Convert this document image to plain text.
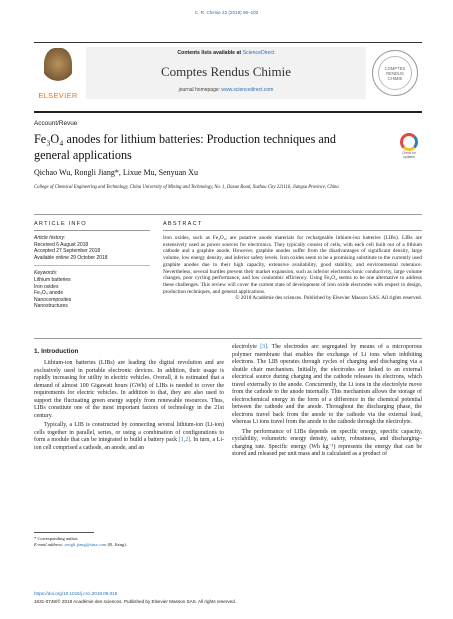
C. R. Chimie 22 (2019) 96–102
ELSEVIER
Contents lists available at ScienceDirect
Comptes Rendus Chimie
journal homepage: www.sciencedirect.com
COMPTES RENDUS CHIMIE
Account/Revue
Fe₃O₄ anodes for lithium batteries: Production techniques and general applications	Check for updates
Qichao Wu, Rongli Jiang*, Lixue Mu, Senyuan Xu
College of Chemical Engineering and Technology, China University of Mining and Technology, No. 1, Daxue Road, Xuzhou City 221116, Jiangsu Province, China
ARTICLE INFO	ABSTRACT
Article history:
Received 6 August 2018
Accepted 27 September 2018
Available online 29 October 2018
Keywords:
Lithium batteries
Iron oxides
Fe₃O₄ anode
Nanocomposites
Nanostructures
Iron oxides, such as Fe₃O₄, are putative anode materials for rechargeable lithium-ion batteries (LIBs). LIBs are extensively used as power sources for electronics. They typically consist of cells, with each cell built out of a lithium cathode and a graphite anode. However, graphite anodes suffer from the disadvantages of significant density, large volume, low energy density, and inferior safety levels. Iron oxides seem to be a promising substitute to the currently used graphite anodes due to their high capacity, extensive availability, good stability, and environmental tolerance. Nevertheless, several hurdles prevent their market expansion, such as inferior electronic/ionic conductivity, large volume changes, poor cycling performance, and low coulombic efficiency. Using Fe₃O₄ seems to be one alternative to address these challenges. This review will cover the current state of development of iron oxide electrodes with respect to design, production techniques, and general applications.
© 2018 Académie des sciences. Published by Elsevier Masson SAS. All rights reserved.
1. Introduction

Lithium-ion batteries (LIBs) are leading the digital revolution and are exclusively used in portable electronic devices. In addition, their usage is rapidly increasing for utility in electric vehicles. Overall, it is estimated that a demand of almost 100 Gigawatt hours (GWh) of LIBs is needed to cover the requirements for electric vehicles. In addition to that, they are also used to support the fluctuating green energy supply from renewable resources. Thus, LIBs constitute one of the most important factors of technology in the 21st century.

Typically, a LIB is constructed by connecting several lithium-ion (Li-ion) cells together in parallel, series, or using a combination of configurations to form a module that can be integrated to build a battery pack [1,2]. In turn, a Li-ion cell comprised a cathode, an anode, and an

electrolyte [3]. The electrodes are segregated by means of a microporous polymer membrane that enables the exchange of Li ions when inhibiting electrons. The LIB operates through cycles of charging and discharging via a shuttle chair mechanism. Initially, the electrodes are linked to an external electrical source during charging and the cathode releases its electrons, which travel externally to the anode. Concurrently, the Li ions in the electrolyte move from the cathode to the anode internally. This mechanism allows the storage of electrochemical energy in the form of a difference in the chemical potential between the cathode and the anode. Throughout the discharging phase, the electrons travel back from the anode to the cathode via the external load, whereas Li ions travel from the anode to the cathode through the electrolyte.

The performance of LIBs depends on specific energy, specific capacity, cyclability, volumetric energy density, safety, robustness, and discharging–charging rate. Specific energy (Wh kg⁻¹) represents the energy that can be stored and released per unit mass and is calculated as a product of

* Corresponding author.
E-mail address: rongli.jiang@sina.com (R. Jiang).
https://doi.org/10.1016/j.crci.2018.09.016
1631-0748/© 2018 Académie des sciences. Published by Elsevier Masson SAS. All rights reserved.
